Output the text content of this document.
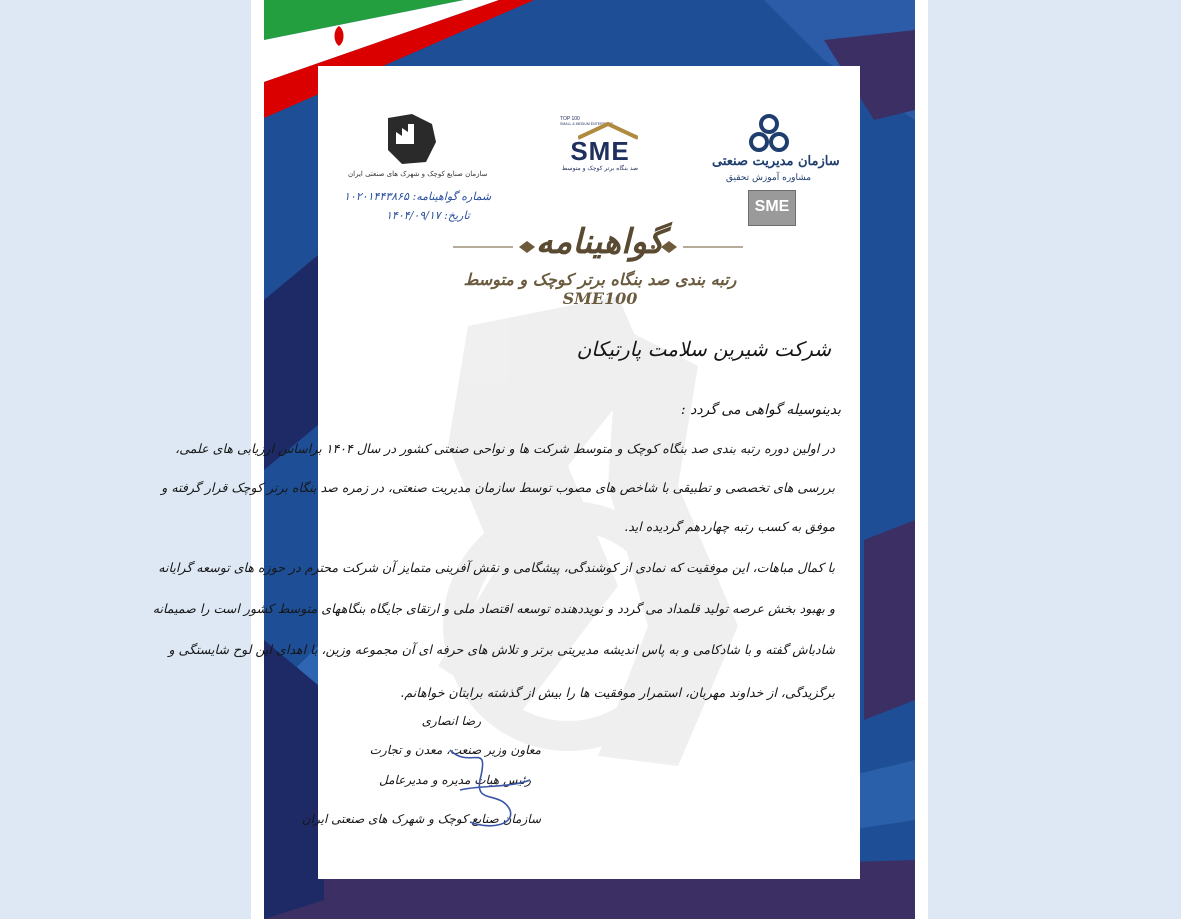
سازمان صنایع کوچک و شهرک های صنعتی ایران
شماره گواهینامه: ۱۰۲۰۱۴۴۳۸۶۵
تاریخ: ۱۴۰۴/۰۹/۱۷
TOP 100
SMALL & MEDIUM ENTERPRISE
SME
صد بنگاه برتر کوچک و متوسط	سازمان مدیریت صنعتی
مشاوره آموزش تحقیق
SME
گواهینامه
رتبه بندی صد بنگاه برتر کوچک و متوسط SME100
شرکت شیرین سلامت پارتیکان
بدینوسیله گواهی می گردد :
در اولین دوره رتبه بندی صد بنگاه کوچک و متوسط شرکت ها و نواحی صنعتی کشور در سال ۱۴۰۴ براساس ارزیابی های علمی،
بررسی های تخصصی و تطبیقی با شاخص های مصوب توسط سازمان مدیریت صنعتی، در زمره صد بنگاه برتر کوچک قرار گرفته و
موفق به کسب رتبه چهاردهم گردیده اید.
با کمال مباهات، این موفقیت که نمادی از کوشندگی، پیشگامی و نقش آفرینی متمایز آن شرکت محترم در حوزه های توسعه گرایانه
و بهبود بخش عرصه تولید قلمداد می گردد و نویددهنده توسعه اقتصاد ملی و ارتقای جایگاه بنگاههای متوسط کشور است را صمیمانه
شادباش گفته و با شادکامی و به پاس اندیشه مدیریتی برتر و تلاش های حرفه ای آن مجموعه وزین، با اهدای این لوح شایستگی و
برگزیدگی، از خداوند مهربان، استمرار موفقیت ها را بیش از گذشته برایتان خواهانم.
رضا انصاری
معاون وزیر صنعت، معدن و تجارت
رئیس هیات مدیره و مدیرعامل
سازمان صنایع کوچک و شهرک های صنعتی ایران
